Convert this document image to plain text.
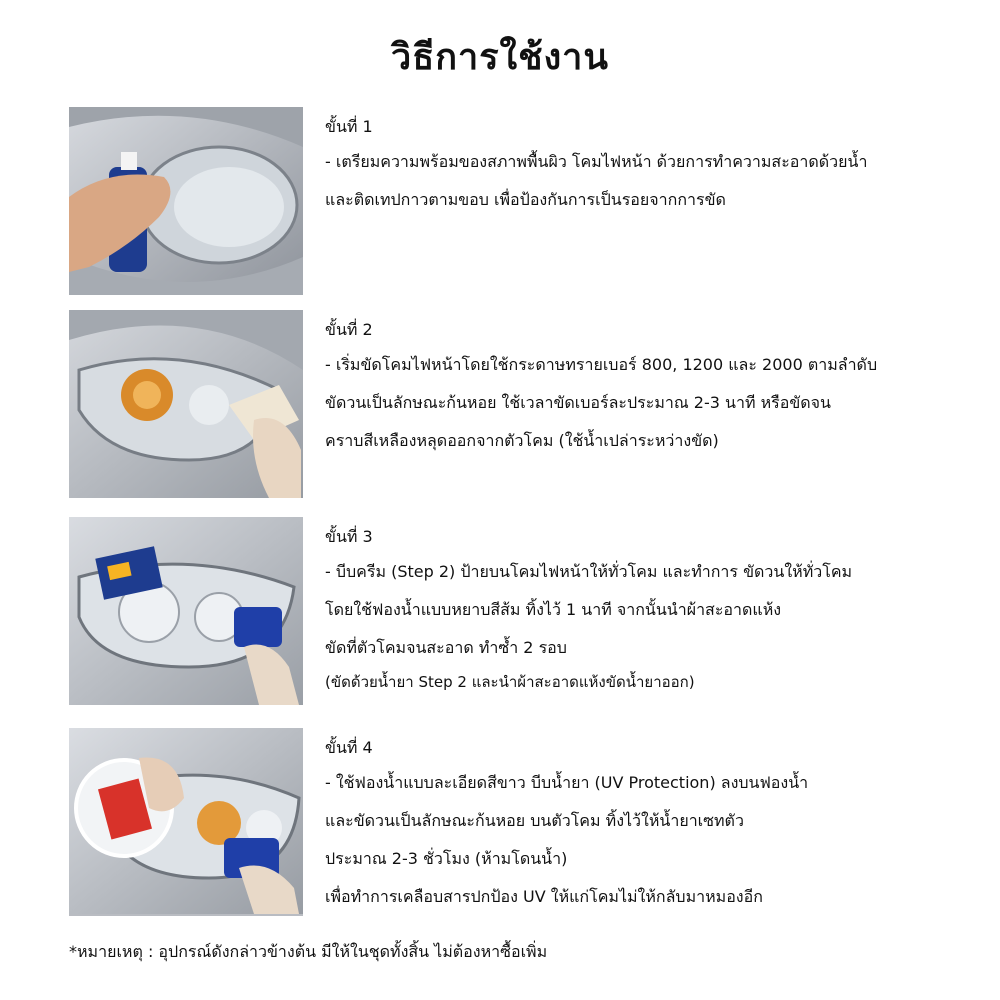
วิธีการใช้งาน
ขั้นที่ 1
- เตรียมความพร้อมของสภาพพื้นผิว โคมไฟหน้า ด้วยการทำความสะอาดด้วยน้ำ
และติดเทปกาวตามขอบ เพื่อป้องกันการเป็นรอยจากการขัด
ขั้นที่ 2
- เริ่มขัดโคมไฟหน้าโดยใช้กระดาษทรายเบอร์ 800, 1200 และ 2000 ตามลำดับ
ขัดวนเป็นลักษณะก้นหอย ใช้เวลาขัดเบอร์ละประมาณ 2-3 นาที หรือขัดจน
คราบสีเหลืองหลุดออกจากตัวโคม (ใช้น้ำเปล่าระหว่างขัด)
ขั้นที่ 3
- บีบครีม (Step 2) ป้ายบนโคมไฟหน้าให้ทั่วโคม และทำการ ขัดวนให้ทั่วโคม
โดยใช้ฟองน้ำแบบหยาบสีส้ม ทิ้งไว้ 1 นาที จากนั้นนำผ้าสะอาดแห้ง
ขัดที่ตัวโคมจนสะอาด ทำซ้ำ 2 รอบ
(ขัดด้วยน้ำยา Step 2 และนำผ้าสะอาดแห้งขัดน้ำยาออก)
ขั้นที่ 4
- ใช้ฟองน้ำแบบละเอียดสีขาว บีบน้ำยา (UV Protection) ลงบนฟองน้ำ
และขัดวนเป็นลักษณะก้นหอย บนตัวโคม ทิ้งไว้ให้น้ำยาเซทตัว
ประมาณ 2-3 ชั่วโมง (ห้ามโดนน้ำ)
เพื่อทำการเคลือบสารปกป้อง UV ให้แก่โคมไม่ให้กลับมาหมองอีก
*หมายเหตุ : อุปกรณ์ดังกล่าวข้างต้น มีให้ในชุดทั้งสิ้น ไม่ต้องหาซื้อเพิ่ม
